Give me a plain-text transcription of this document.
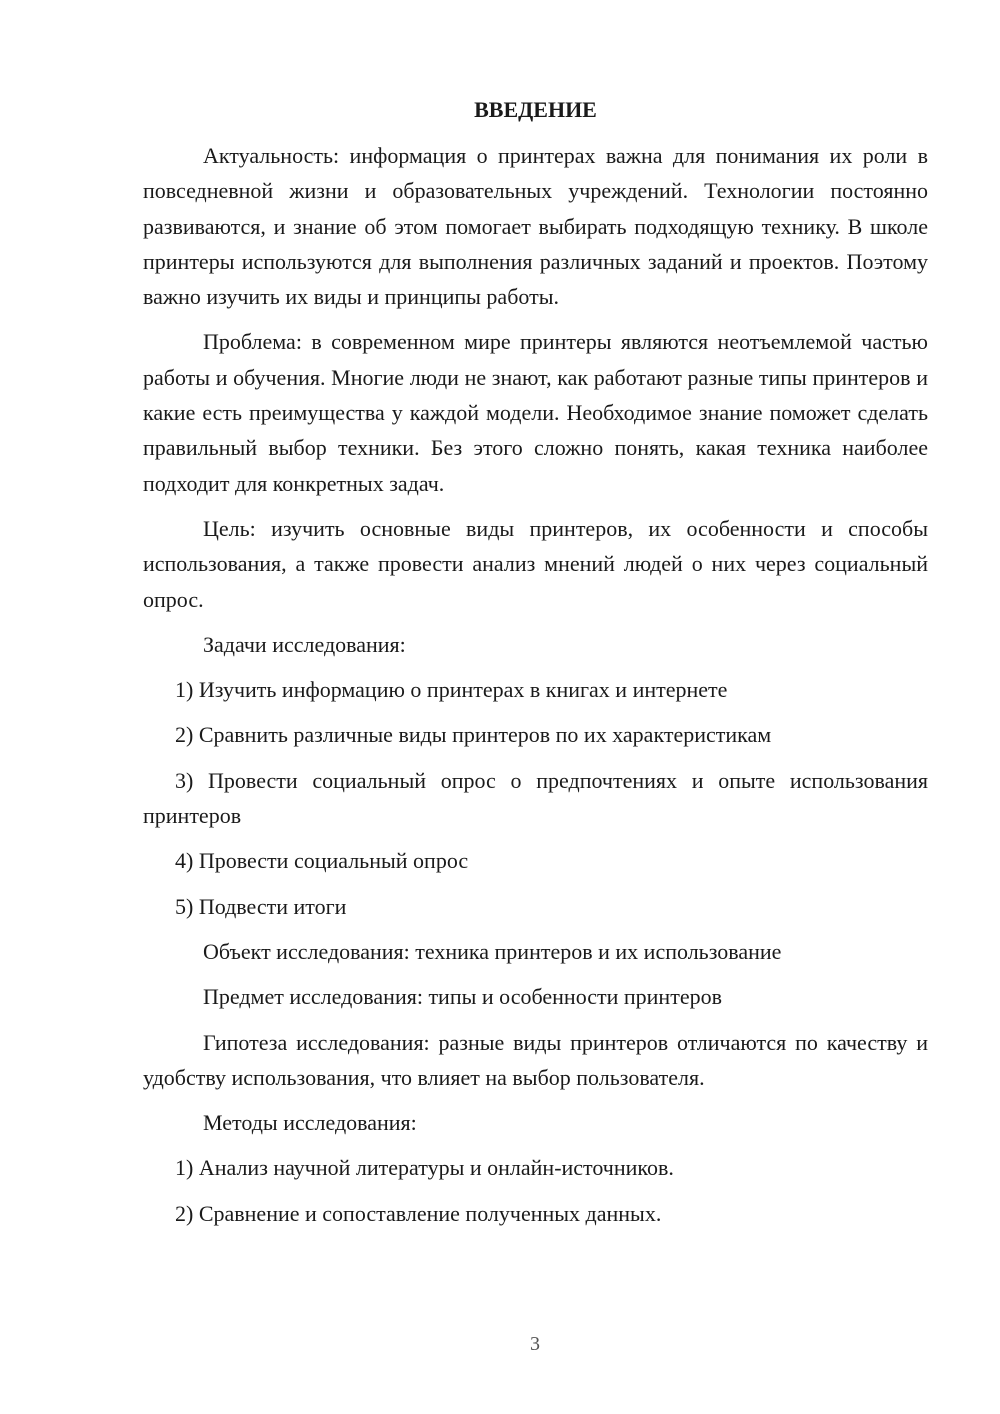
ВВЕДЕНИЕ

Актуальность: информация о принтерах важна для понимания их роли в повседневной жизни и образовательных учреждений. Технологии постоянно развиваются, и знание об этом помогает выбирать подходящую технику. В школе принтеры используются для выполнения различных заданий и проектов. Поэтому важно изучить их виды и принципы работы.

Проблема: в современном мире принтеры являются неотъемлемой частью работы и обучения. Многие люди не знают, как работают разные типы принтеров и какие есть преимущества у каждой модели. Необходимое знание поможет сделать правильный выбор техники. Без этого сложно понять, какая техника наиболее подходит для конкретных задач.

Цель: изучить основные виды принтеров, их особенности и способы использования, а также провести анализ мнений людей о них через социальный опрос.

Задачи исследования:

1) Изучить информацию о принтерах в книгах и интернете

2) Сравнить различные виды принтеров по их характеристикам

3) Провести социальный опрос о предпочтениях и опыте использования принтеров

4) Провести социальный опрос

5) Подвести итоги

Объект исследования: техника принтеров и их использование

Предмет исследования: типы и особенности принтеров

Гипотеза исследования: разные виды принтеров отличаются по качеству и удобству использования, что влияет на выбор пользователя.

Методы исследования:

1) Анализ научной литературы и онлайн-источников.

2) Сравнение и сопоставление полученных данных.

3
